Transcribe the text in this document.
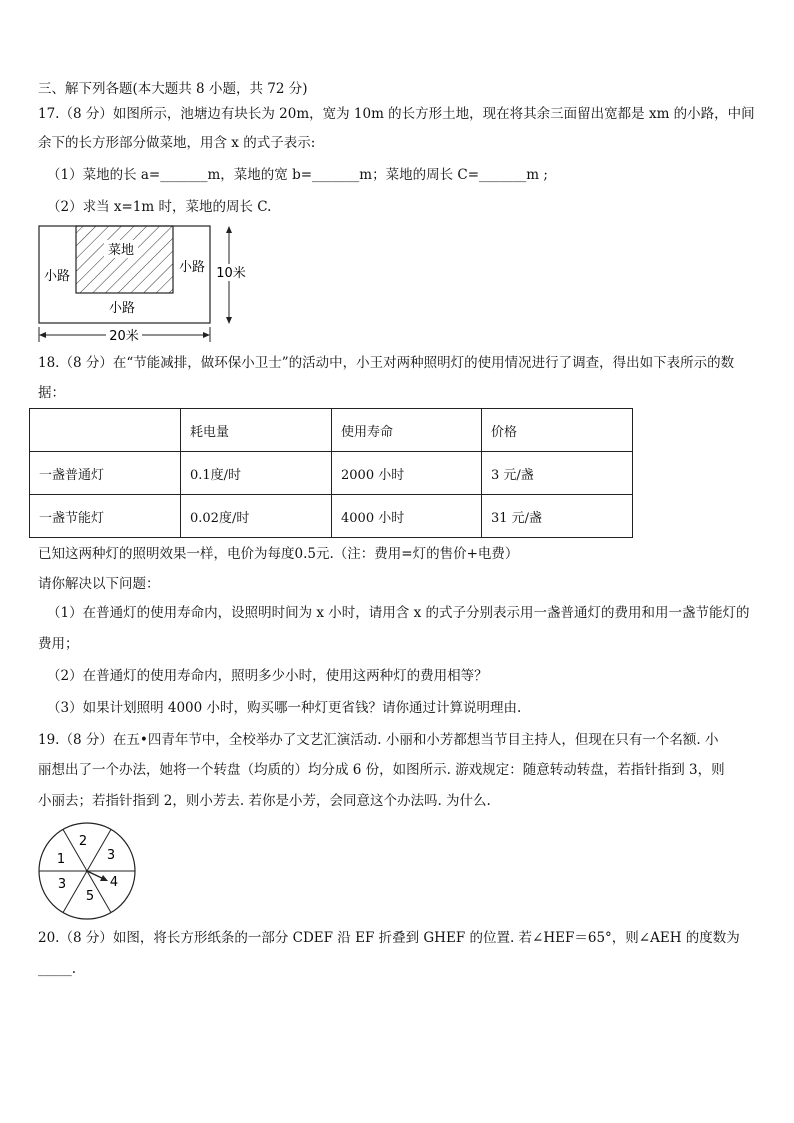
三、解下列各题(本大题共 8 小题，共 72 分)
17.（8 分）如图所示，池塘边有块长为 20m，宽为 10m 的长方形土地，现在将其余三面留出宽都是 xm 的小路，中间
余下的长方形部分做菜地，用含 x 的式子表示:
（1）菜地的长 a=_______m，菜地的宽 b=_______m；菜地的周长 C=_______m ;
（2）求当 x=1m 时，菜地的周长 C.
菜地
小路
小路
小路
10米
20米
18.（8 分）在“节能减排，做环保小卫士”的活动中，小王对两种照明灯的使用情况进行了调查，得出如下表所示的数
据：
	耗电量	使用寿命	价格
一盏普通灯	0.1度/时	2000 小时	3 元/盏
一盏节能灯	0.02度/时	4000 小时	31 元/盏
已知这两种灯的照明效果一样，电价为每度0.5元.（注：费用=灯的售价+电费）
请你解决以下问题：
（1）在普通灯的使用寿命内，设照明时间为 x 小时，请用含 x 的式子分别表示用一盏普通灯的费用和用一盏节能灯的
费用；
（2）在普通灯的使用寿命内，照明多少小时，使用这两种灯的费用相等？
（3）如果计划照明 4000 小时，购买哪一种灯更省钱？请你通过计算说明理由.
19.（8 分）在五•四青年节中，全校举办了文艺汇演活动. 小丽和小芳都想当节目主持人，但现在只有一个名额. 小
丽想出了一个办法，她将一个转盘（均质的）均分成 6 份，如图所示. 游戏规定：随意转动转盘，若指针指到 3，则
小丽去；若指针指到 2，则小芳去. 若你是小芳，会同意这个办法吗. 为什么.
2
3
4
5
3
1
20.（8 分）如图，将长方形纸条的一部分 CDEF 沿 EF 折叠到 GHEF 的位置. 若∠HEF＝65°，则∠AEH 的度数为
_____.
